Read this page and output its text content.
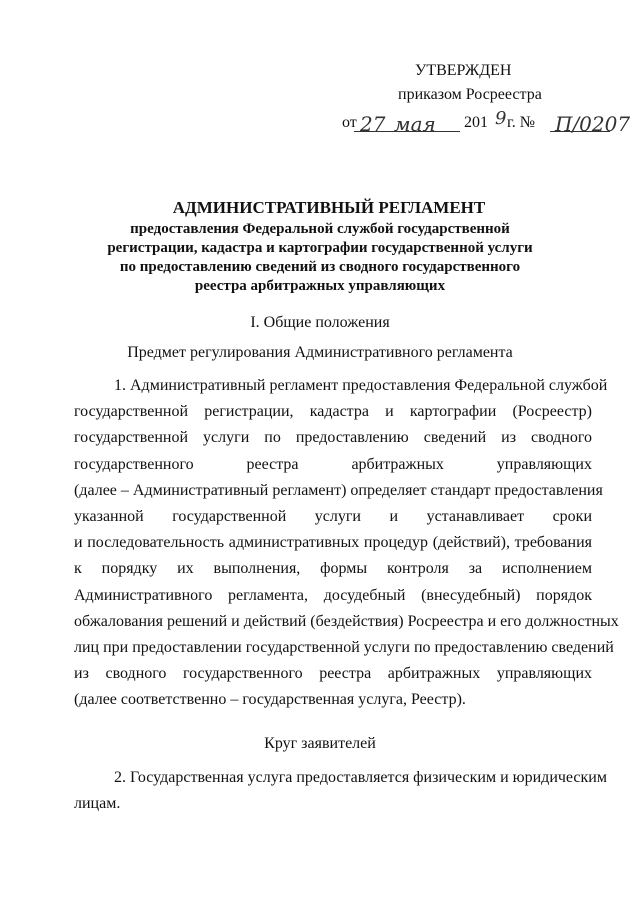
УТВЕРЖДЕН
приказом Росреестра
от 27 мая 201 9 г. № П/0207
АДМИНИСТРАТИВНЫЙ РЕГЛАМЕНТ
предоставления Федеральной службой государственной
регистрации, кадастра и картографии государственной услуги
по предоставлению сведений из сводного государственного
реестра арбитражных управляющих
I. Общие положения
Предмет регулирования Административного регламента
1. Административный регламент предоставления Федеральной службой
государственной регистрации, кадастра и картографии (Росреестр)
государственной услуги по предоставлению сведений из сводного
государственного реестра арбитражных управляющих
(далее – Административный регламент) определяет стандарт предоставления
указанной государственной услуги и устанавливает сроки
и последовательность административных процедур (действий), требования
к порядку их выполнения, формы контроля за исполнением
Административного регламента, досудебный (внесудебный) порядок
обжалования решений и действий (бездействия) Росреестра и его должностных
лиц при предоставлении государственной услуги по предоставлению сведений
из сводного государственного реестра арбитражных управляющих
(далее соответственно – государственная услуга, Реестр).
Круг заявителей
2. Государственная услуга предоставляется физическим и юридическим
лицам.
